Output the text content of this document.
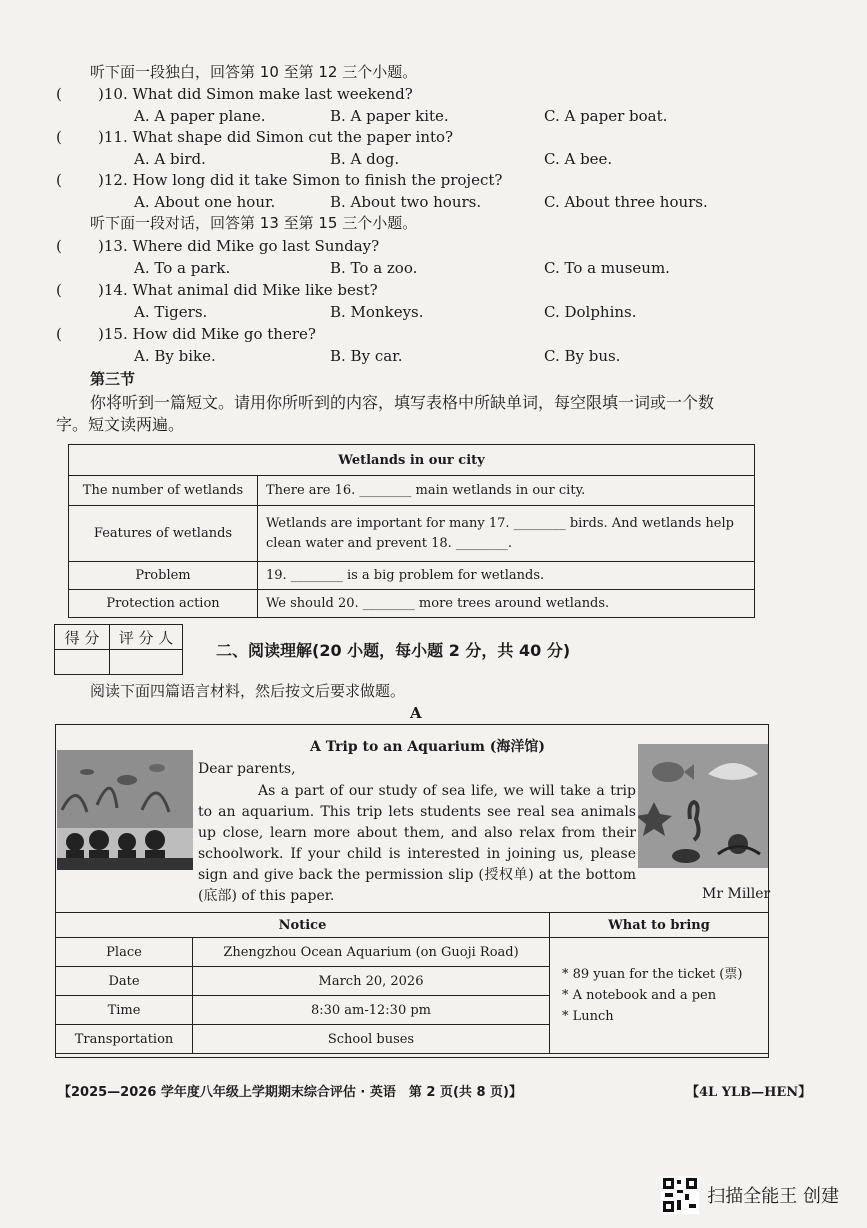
听下面一段独白，回答第 10 至第 12 三个小题。
( )10. What did Simon make last weekend?
A. A paper plane.	B. A paper kite.	C. A paper boat.
( )11. What shape did Simon cut the paper into?
A. A bird.	B. A dog.	C. A bee.
( )12. How long did it take Simon to finish the project?
A. About one hour.	B. About two hours.	C. About three hours.
( )13. Where did Mike go last Sunday?
A. To a park.	B. To a zoo.	C. To a museum.
( )14. What animal did Mike like best?
A. Tigers.	B. Monkeys.	C. Dolphins.
( )15. How did Mike go there?
A. By bike.	B. By car.	C. By bus.
听下面一段对话，回答第 13 至第 15 三个小题。
第三节
你将听到一篇短文。请用你所听到的内容，填写表格中所缺单词，每空限填一词或一个数
字。短文读两遍。
Wetlands in our city	
The number of wetlands	There are 16. ________ main wetlands in our city.
Features of wetlands	Wetlands are important for many 17. ________ birds. And wetlands help clean water and prevent 18. ________.
Problem	19. ________ is a big problem for wetlands.
Protection action	We should 20. ________ more trees around wetlands.
得 分	评 分 人

二、阅读理解(20 小题，每小题 2 分，共 40 分)
阅读下面四篇语言材料，然后按文后要求做题。
A
A Trip to an Aquarium (海洋馆)
Dear parents,
As a part of our study of sea life, we will take a trip to an aquarium. This trip lets students see real sea animals up close, learn more about them, and also relax from their schoolwork. If your child is interested in joining us, please sign and give back the permission slip (授权单) at the bottom (底部) of this paper.	Mr Miller
Notice		What to bring
Place	Zhengzhou Ocean Aquarium (on Guoji Road)	* 89 yuan for the ticket (票)
* A notebook and a pen
* Lunch

Date	March 20, 2026	
Time	8:30 am-12:30 pm	
Transportation	School buses	
【2025—2026 学年度八年级上学期期末综合评估 · 英语　第 2 页(共 8 页)】	【4L YLB—HEN】
扫描全能王 创建
